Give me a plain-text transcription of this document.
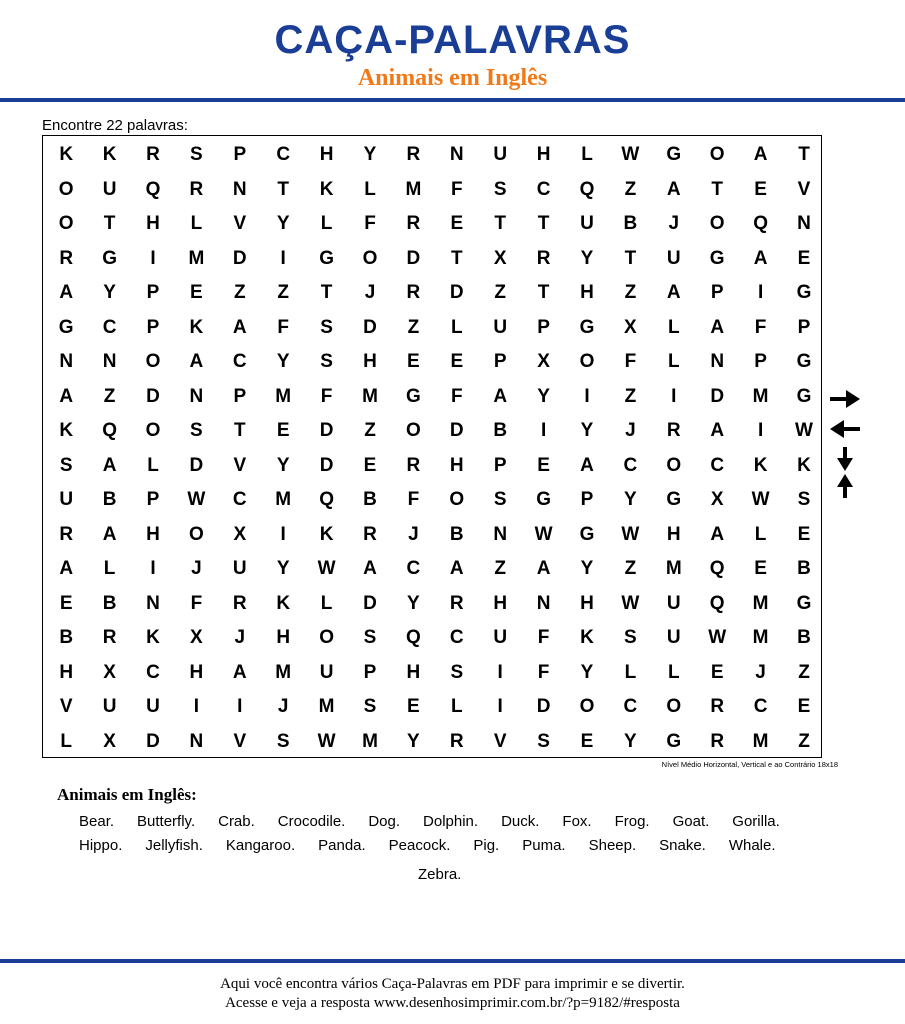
CAÇA-PALAVRAS
Animais em Inglês
Encontre 22 palavras:
K	K	R	S	P	C	H	Y	R	N	U	H	L	W	G	O	A	T
O	U	Q	R	N	T	K	L	M	F	S	C	Q	Z	A	T	E	V
O	T	H	L	V	Y	L	F	R	E	T	T	U	B	J	O	Q	N
R	G	I	M	D	I	G	O	D	T	X	R	Y	T	U	G	A	E
A	Y	P	E	Z	Z	T	J	R	D	Z	T	H	Z	A	P	I	G
G	C	P	K	A	F	S	D	Z	L	U	P	G	X	L	A	F	P
N	N	O	A	C	Y	S	H	E	E	P	X	O	F	L	N	P	G
A	Z	D	N	P	M	F	M	G	F	A	Y	I	Z	I	D	M	G
K	Q	O	S	T	E	D	Z	O	D	B	I	Y	J	R	A	I	W
S	A	L	D	V	Y	D	E	R	H	P	E	A	C	O	C	K	K
U	B	P	W	C	M	Q	B	F	O	S	G	P	Y	G	X	W	S
R	A	H	O	X	I	K	R	J	B	N	W	G	W	H	A	L	E
A	L	I	J	U	Y	W	A	C	A	Z	A	Y	Z	M	Q	E	B
E	B	N	F	R	K	L	D	Y	R	H	N	H	W	U	Q	M	G
B	R	K	X	J	H	O	S	Q	C	U	F	K	S	U	W	M	B
H	X	C	H	A	M	U	P	H	S	I	F	Y	L	L	E	J	Z
V	U	U	I	I	J	M	S	E	L	I	D	O	C	O	R	C	E
L	X	D	N	V	S	W	M	Y	R	V	S	E	Y	G	R	M	Z
Nível Médio Horizontal, Vertical e ao Contrário 18x18
Animais em Inglês:
Bear. Butterfly. Crab. Crocodile. Dog. Dolphin. Duck. Fox. Frog. Goat. Gorilla.
Hippo. Jellyfish. Kangaroo. Panda. Peacock. Pig. Puma. Sheep. Snake. Whale.
Zebra.
Aqui você encontra vários Caça-Palavras em PDF para imprimir e se divertir.
Acesse e veja a resposta www.desenhosimprimir.com.br/?p=9182/#resposta
